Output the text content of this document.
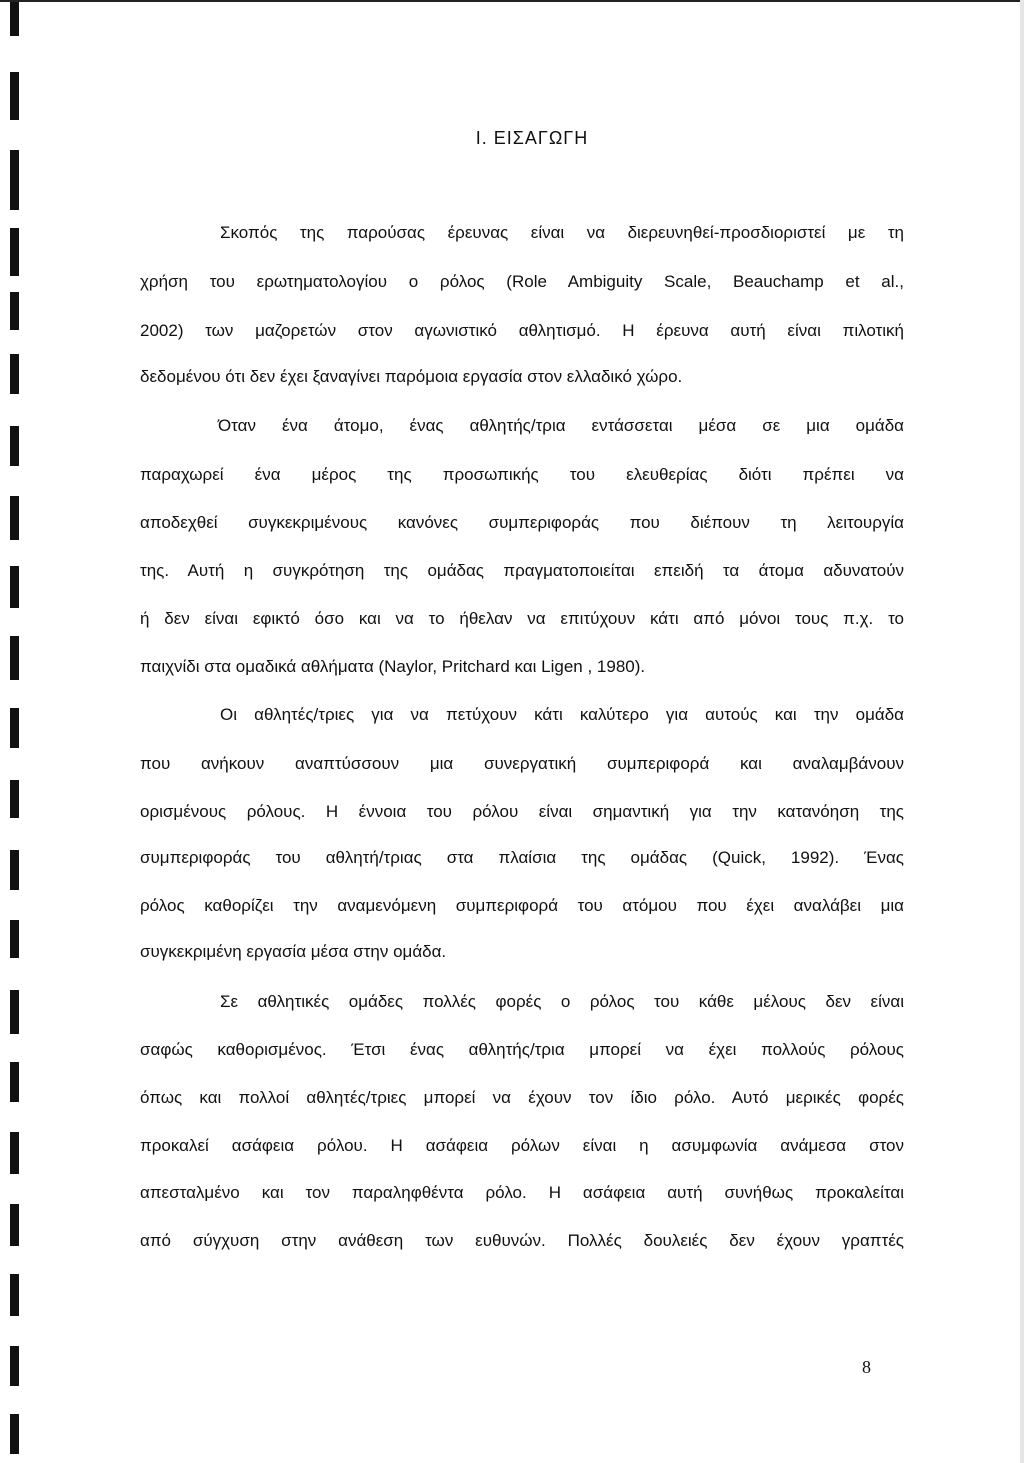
I. ΕΙΣΑΓΩΓΗ
Σκοπός της παρούσας έρευνας είναι να διερευνηθεί-προσδιοριστεί με τη
χρήση του ερωτηματολογίου ο ρόλος (Role Ambiguity Scale, Beauchamp et al.,
2002) των μαζορετών στον αγωνιστικό αθλητισμό. Η έρευνα αυτή είναι πιλοτική
δεδομένου ότι δεν έχει ξαναγίνει παρόμοια εργασία στον ελλαδικό χώρο.
Όταν ένα άτομο, ένας αθλητής/τρια εντάσσεται μέσα σε μια ομάδα
παραχωρεί ένα μέρος της προσωπικής του ελευθερίας διότι πρέπει να
αποδεχθεί συγκεκριμένους κανόνες συμπεριφοράς που διέπουν τη λειτουργία
της. Αυτή η συγκρότηση της ομάδας πραγματοποιείται επειδή τα άτομα αδυνατούν
ή δεν είναι εφικτό όσο και να το ήθελαν να επιτύχουν κάτι από μόνοι τους π.χ. το
παιχνίδι στα ομαδικά αθλήματα (Naylor, Pritchard και Ligen , 1980).
Οι αθλητές/τριες για να πετύχουν κάτι καλύτερο για αυτούς και την ομάδα
που ανήκουν αναπτύσσουν μια συνεργατική συμπεριφορά και αναλαμβάνουν
ορισμένους ρόλους. Η έννοια του ρόλου είναι σημαντική για την κατανόηση της
συμπεριφοράς του αθλητή/τριας στα πλαίσια της ομάδας (Quick, 1992). Ένας
ρόλος καθορίζει την αναμενόμενη συμπεριφορά του ατόμου που έχει αναλάβει μια
συγκεκριμένη εργασία μέσα στην ομάδα.
Σε αθλητικές ομάδες πολλές φορές ο ρόλος του κάθε μέλους δεν είναι
σαφώς καθορισμένος. Έτσι ένας αθλητής/τρια μπορεί να έχει πολλούς ρόλους
όπως και πολλοί αθλητές/τριες μπορεί να έχουν τον ίδιο ρόλο. Αυτό μερικές φορές
προκαλεί ασάφεια ρόλου. Η ασάφεια ρόλων είναι η ασυμφωνία ανάμεσα στον
απεσταλμένο και τον παραληφθέντα ρόλο. Η ασάφεια αυτή συνήθως προκαλείται
από σύγχυση στην ανάθεση των ευθυνών. Πολλές δουλειές δεν έχουν γραπτές
8
